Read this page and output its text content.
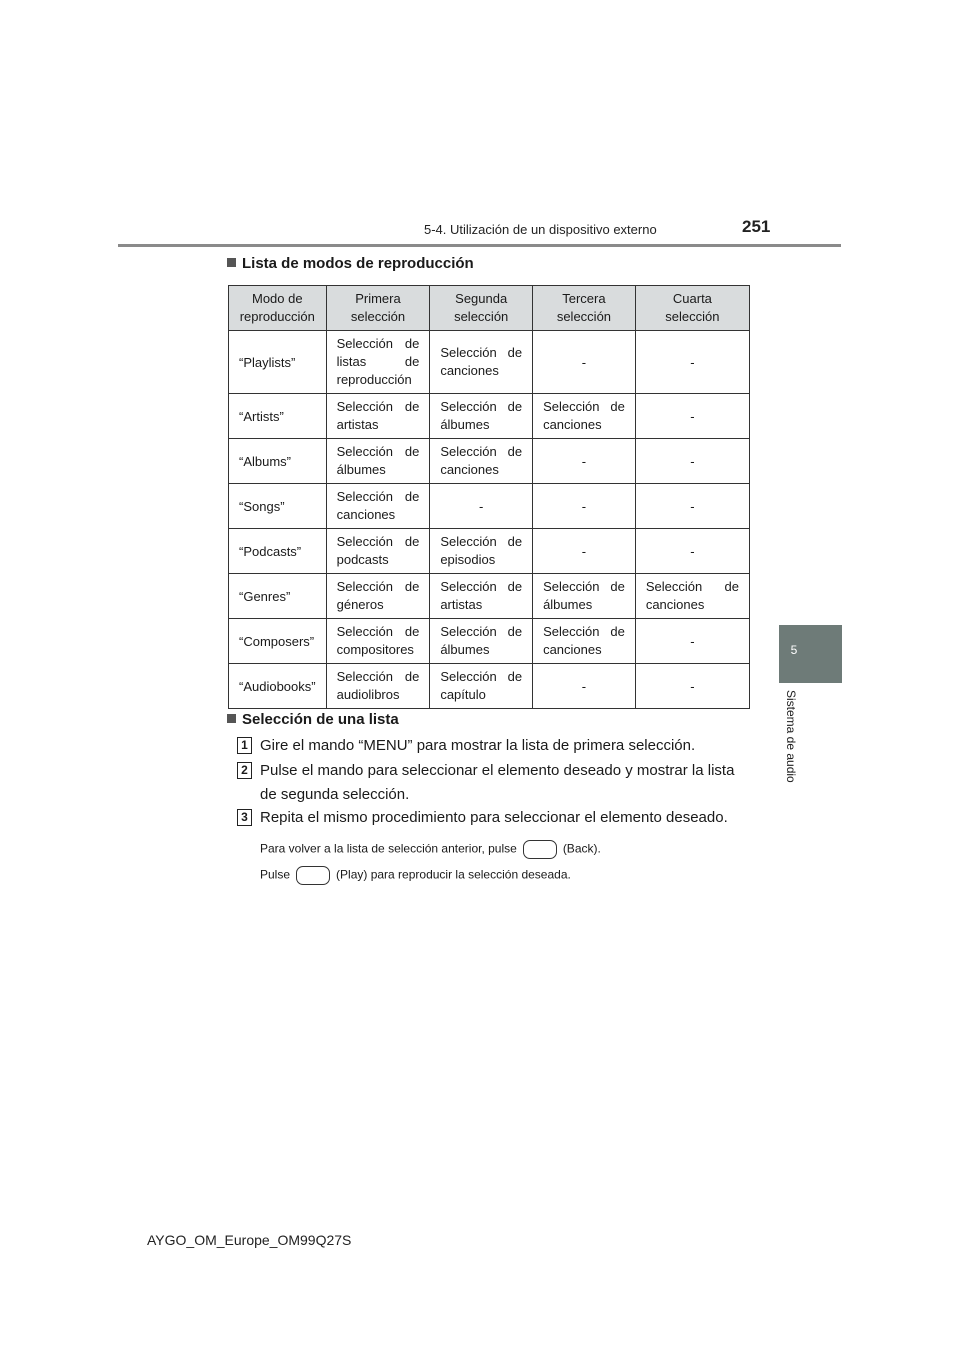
5-4. Utilización de un dispositivo externo	251
5
Sistema de audio
Lista de modos de reproducción
Modo de reproducción	Primera selección	Segunda selección	Tercera selección	Cuarta selección
“Playlists”	Selección de listas de reproducción	Selección de canciones	-	-
“Artists”	Selección de artistas	Selección de álbumes	Selección de canciones	-
“Albums”	Selección de álbumes	Selección de canciones	-	-
“Songs”	Selección de canciones	-	-	-
“Podcasts”	Selección de podcasts	Selección de episodios	-	-
“Genres”	Selección de géneros	Selección de artistas	Selección de álbumes	Selección de canciones
“Composers”	Selección de compositores	Selección de álbumes	Selección de canciones	-
“Audiobooks”	Selección de audiolibros	Selección de capítulo	-	-
Selección de una lista
1 Gire el mando “MENU” para mostrar la lista de primera selección.
2 Pulse el mando para seleccionar el elemento deseado y mostrar la lista de segunda selección.
3 Repita el mismo procedimiento para seleccionar el elemento deseado.
Para volver a la lista de selección anterior, pulse	(Back).
Pulse	(Play) para reproducir la selección deseada.
AYGO_OM_Europe_OM99Q27S
